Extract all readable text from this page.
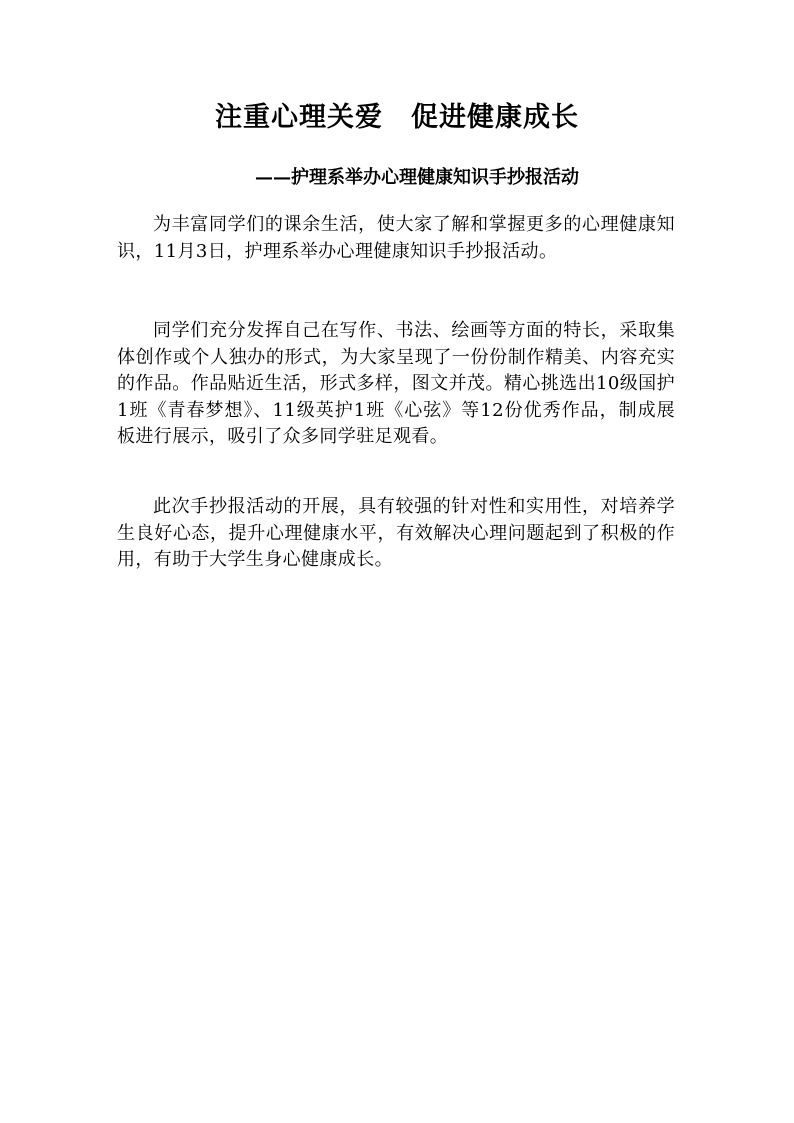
注重心理关爱　促进健康成长

——护理系举办心理健康知识手抄报活动

为丰富同学们的课余生活，使大家了解和掌握更多的心理健康知识，11月3日，护理系举办心理健康知识手抄报活动。

同学们充分发挥自己在写作、书法、绘画等方面的特长，采取集体创作或个人独办的形式，为大家呈现了一份份制作精美、内容充实的作品。作品贴近生活，形式多样，图文并茂。精心挑选出10级国护1班《青春梦想》、11级英护1班《心弦》等12份优秀作品，制成展板进行展示，吸引了众多同学驻足观看。

此次手抄报活动的开展，具有较强的针对性和实用性，对培养学生良好心态，提升心理健康水平，有效解决心理问题起到了积极的作用，有助于大学生身心健康成长。
